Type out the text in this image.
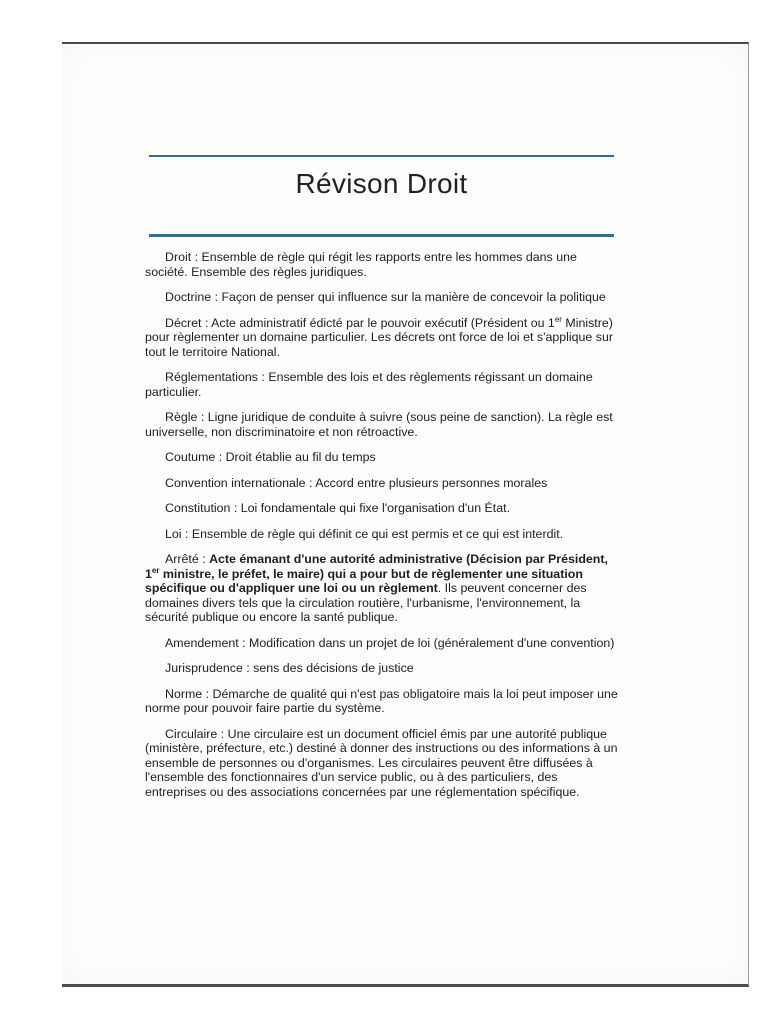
Révison Droit

Droit : Ensemble de règle qui régit les rapports entre les hommes dans une société. Ensemble des règles juridiques.

Doctrine : Façon de penser qui influence sur la manière de concevoir la politique

Décret : Acte administratif édicté par le pouvoir exécutif (Président ou 1er Ministre) pour règlementer un domaine particulier. Les décrets ont force de loi et s'applique sur tout le territoire National.

Réglementations : Ensemble des lois et des règlements régissant un domaine particulier.

Règle : Ligne juridique de conduite à suivre (sous peine de sanction). La règle est universelle, non discriminatoire et non rétroactive.

Coutume : Droit établie au fil du temps

Convention internationale : Accord entre plusieurs personnes morales

Constitution : Loi fondamentale qui fixe l'organisation d'un État.

Loi : Ensemble de règle qui définit ce qui est permis et ce qui est interdit.

Arrêté : Acte émanant d'une autorité administrative (Décision par Président, 1er ministre, le préfet, le maire) qui a pour but de règlementer une situation spécifique ou d'appliquer une loi ou un règlement. Ils peuvent concerner des domaines divers tels que la circulation routière, l'urbanisme, l'environnement, la sécurité publique ou encore la santé publique.

Amendement : Modification dans un projet de loi (généralement d'une convention)

Jurisprudence : sens des décisions de justice

Norme : Démarche de qualité qui n'est pas obligatoire mais la loi peut imposer une norme pour pouvoir faire partie du système.

Circulaire : Une circulaire est un document officiel émis par une autorité publique (ministère, préfecture, etc.) destiné à donner des instructions ou des informations à un ensemble de personnes ou d'organismes. Les circulaires peuvent être diffusées à l'ensemble des fonctionnaires d'un service public, ou à des particuliers, des entreprises ou des associations concernées par une réglementation spécifique.
